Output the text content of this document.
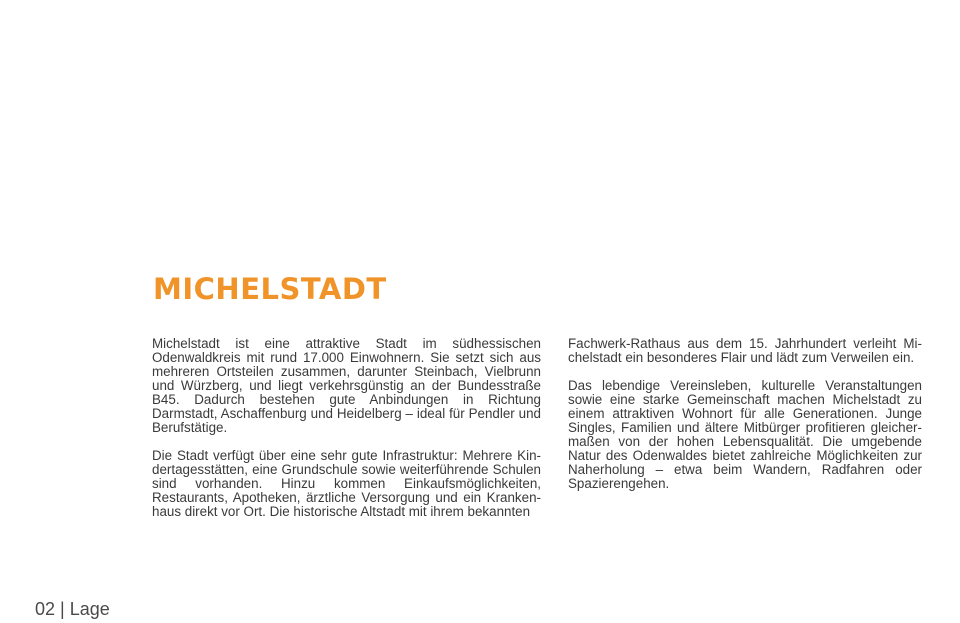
MICHELSTADT

Michelstadt ist eine attraktive Stadt im südhessischen Odenwaldkreis mit rund 17.000 Einwohnern. Sie setzt sich aus mehreren Ortsteilen zusammen, darunter Steinbach, Vielbrunn und Würzberg, und liegt verkehrsgünstig an der Bundesstraße B45. Dadurch bestehen gute Anbindungen in Richtung Darmstadt, Aschaffenburg und Heidelberg – ideal für Pendler und Berufstätige.

Die Stadt verfügt über eine sehr gute Infrastruktur: Mehrere Kindertagesstätten, eine Grundschule sowie weiterführende Schulen sind vorhanden. Hinzu kommen Einkaufsmöglichkeiten, Restaurants, Apotheken, ärztliche Versorgung und ein Krankenhaus direkt vor Ort. Die historische Altstadt mit ihrem bekannten

Fachwerk-Rathaus aus dem 15. Jahrhundert verleiht Michelstadt ein besonderes Flair und lädt zum Verweilen ein.

Das lebendige Vereinsleben, kulturelle Veranstaltungen sowie eine starke Gemeinschaft machen Michelstadt zu einem attraktiven Wohnort für alle Generationen. Junge Singles, Familien und ältere Mitbürger profitieren gleichermaßen von der hohen Lebensqualität. Die umgebende Natur des Odenwaldes bietet zahlreiche Möglichkeiten zur Naherholung – etwa beim Wandern, Radfahren oder Spazierengehen.

02 | Lage
